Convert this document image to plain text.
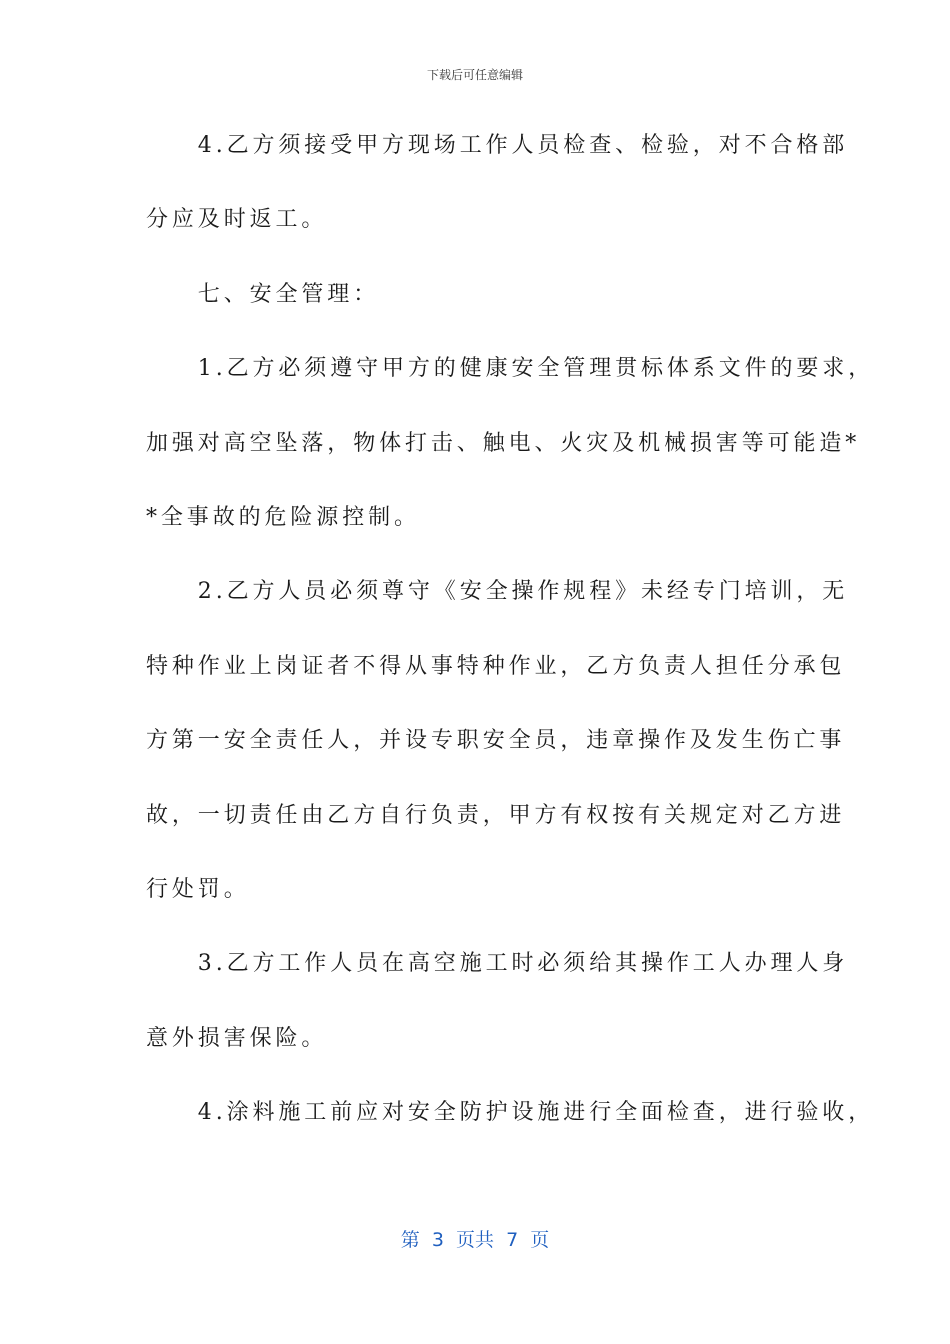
下载后可任意编辑
　　4.乙方须接受甲方现场工作人员检查、检验，对不合格部
分应及时返工。
　　七、安全管理：
　　1.乙方必须遵守甲方的健康安全管理贯标体系文件的要求，
加强对高空坠落，物体打击、触电、火灾及机械损害等可能造*
*全事故的危险源控制。
　　2.乙方人员必须尊守《安全操作规程》未经专门培训，无
特种作业上岗证者不得从事特种作业，乙方负责人担任分承包
方第一安全责任人，并设专职安全员，违章操作及发生伤亡事
故，一切责任由乙方自行负责，甲方有权按有关规定对乙方进
行处罚。
　　3.乙方工作人员在高空施工时必须给其操作工人办理人身
意外损害保险。
　　4.涂料施工前应对安全防护设施进行全面检查，进行验收，
第  3  页共  7  页
